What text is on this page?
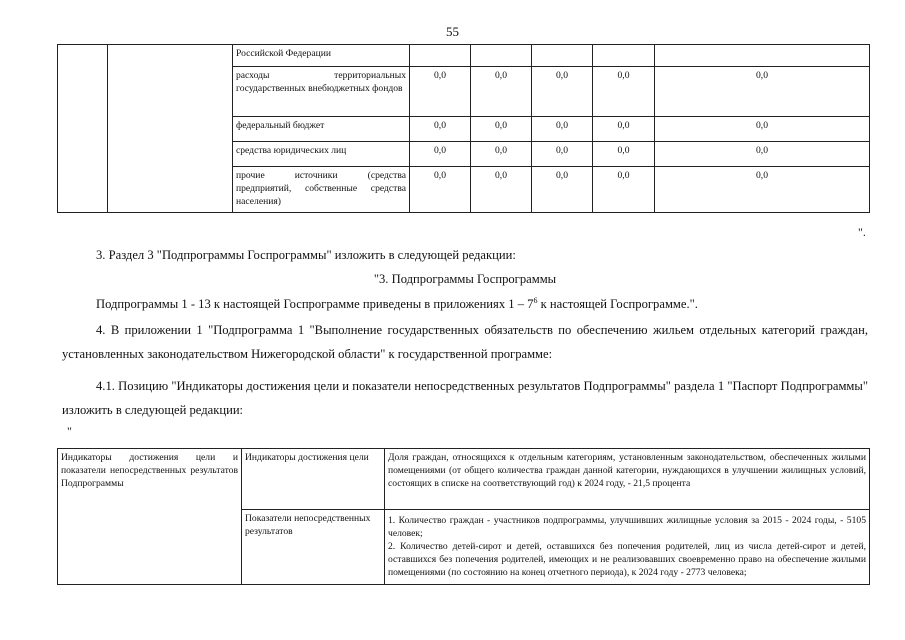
55
		Российской Федерации					
		расходы территориальных государственных внебюджетных фондов	0,0	0,0	0,0	0,0	0,0
		федеральный бюджет	0,0	0,0	0,0	0,0	0,0
		средства юридических лиц	0,0	0,0	0,0	0,0	0,0
		прочие источники (средства предприятий, собственные средства населения)	0,0	0,0	0,0	0,0	0,0
".
3. Раздел 3 "Подпрограммы Госпрограммы" изложить в следующей редакции:
"3. Подпрограммы Госпрограммы
Подпрограммы 1 - 13 к настоящей Госпрограмме приведены в приложениях $1 - 7^6$ к настоящей Госпрограмме.".
4. В приложении 1 "Подпрограмма 1 "Выполнение государственных обязательств по обеспечению жильем отдельных категорий граждан, установленных законодательством Нижегородской области" к государственной программе:
4.1. Позицию "Индикаторы достижения цели и показатели непосредственных результатов Подпрограммы" раздела 1 "Паспорт Подпрограммы" изложить в следующей редакции:
"
Индикаторы достижения цели и показатели непосредственных результатов Подпрограммы	Индикаторы достижения цели	Доля граждан, относящихся к отдельным категориям, установленным законодательством, обеспеченных жилыми помещениями (от общего количества граждан данной категории, нуждающихся в улучшении жилищных условий, состоящих в списке на соответствующий год) к 2024 году, - 21,5 процента
	Показатели непосредственных результатов	1. Количество граждан - участников подпрограммы, улучшивших жилищные условия за 2015 - 2024 годы, - 5105 человек;
2. Количество детей-сирот и детей, оставшихся без попечения родителей, лиц из числа детей-сирот и детей, оставшихся без попечения родителей, имеющих и не реализовавших своевременно право на обеспечение жилыми помещениями (по состоянию на конец отчетного периода), к 2024 году - 2773 человека;
